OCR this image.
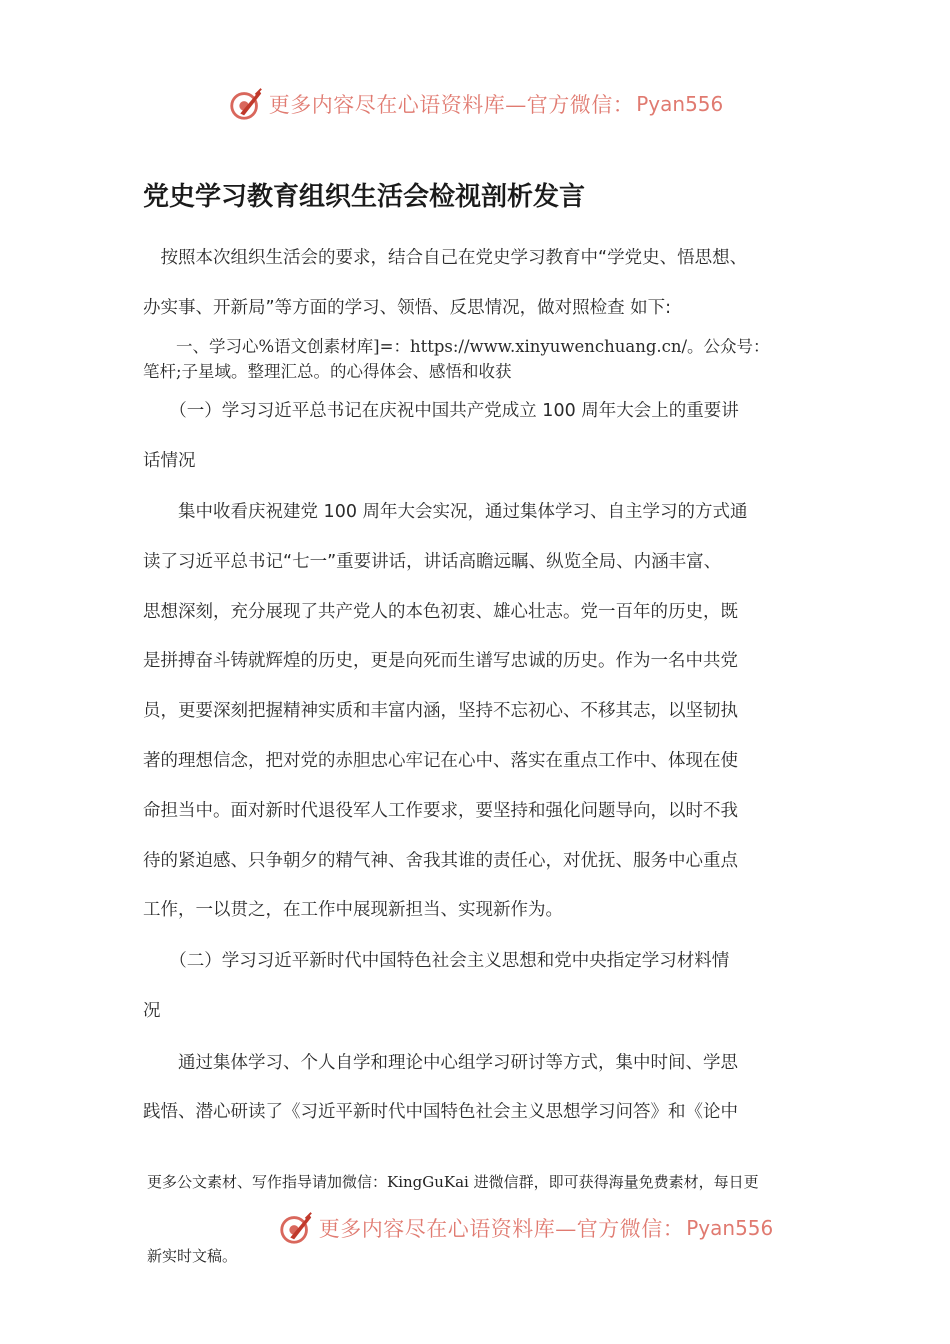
更多内容尽在心语资料库—官方微信： Pyan556
党史学习教育组织生活会检视剖析发言

　按照本次组织生活会的要求，结合自己在党史学习教育中“学党史、悟思想、

办实事、开新局”等方面的学习、领悟、反思情况，做对照检查 如下:

　　一、学习心%语文创素材库]=：https://www.xinyuwenchuang.cn/。公众号：

笔杆;子星域。整理汇总。的心得体会、感悟和收获

　　（一）学习习近平总书记在庆祝中国共产党成立 100 周年大会上的重要讲

话情况

　　集中收看庆祝建党 100 周年大会实况，通过集体学习、自主学习的方式通

读了习近平总书记“七一”重要讲话，讲话高瞻远瞩、纵览全局、内涵丰富、

思想深刻，充分展现了共产党人的本色初衷、雄心壮志。党一百年的历史，既

是拼搏奋斗铸就辉煌的历史，更是向死而生谱写忠诚的历史。作为一名中共党

员，更要深刻把握精神实质和丰富内涵，坚持不忘初心、不移其志，以坚韧执

著的理想信念，把对党的赤胆忠心牢记在心中、落实在重点工作中、体现在使

命担当中。面对新时代退役军人工作要求，要坚持和强化问题导向，以时不我

待的紧迫感、只争朝夕的精气神、舍我其谁的责任心，对优抚、服务中心重点

工作，一以贯之，在工作中展现新担当、实现新作为。

　　（二）学习习近平新时代中国特色社会主义思想和党中央指定学习材料情

况

　　通过集体学习、个人自学和理论中心组学习研讨等方式，集中时间、学思

践悟、潜心研读了《习近平新时代中国特色社会主义思想学习问答》和《论中

更多公文素材、写作指导请加微信：KingGuKai 进微信群，即可获得海量免费素材，每日更

更多内容尽在心语资料库—官方微信： Pyan556

新实时文稿。
